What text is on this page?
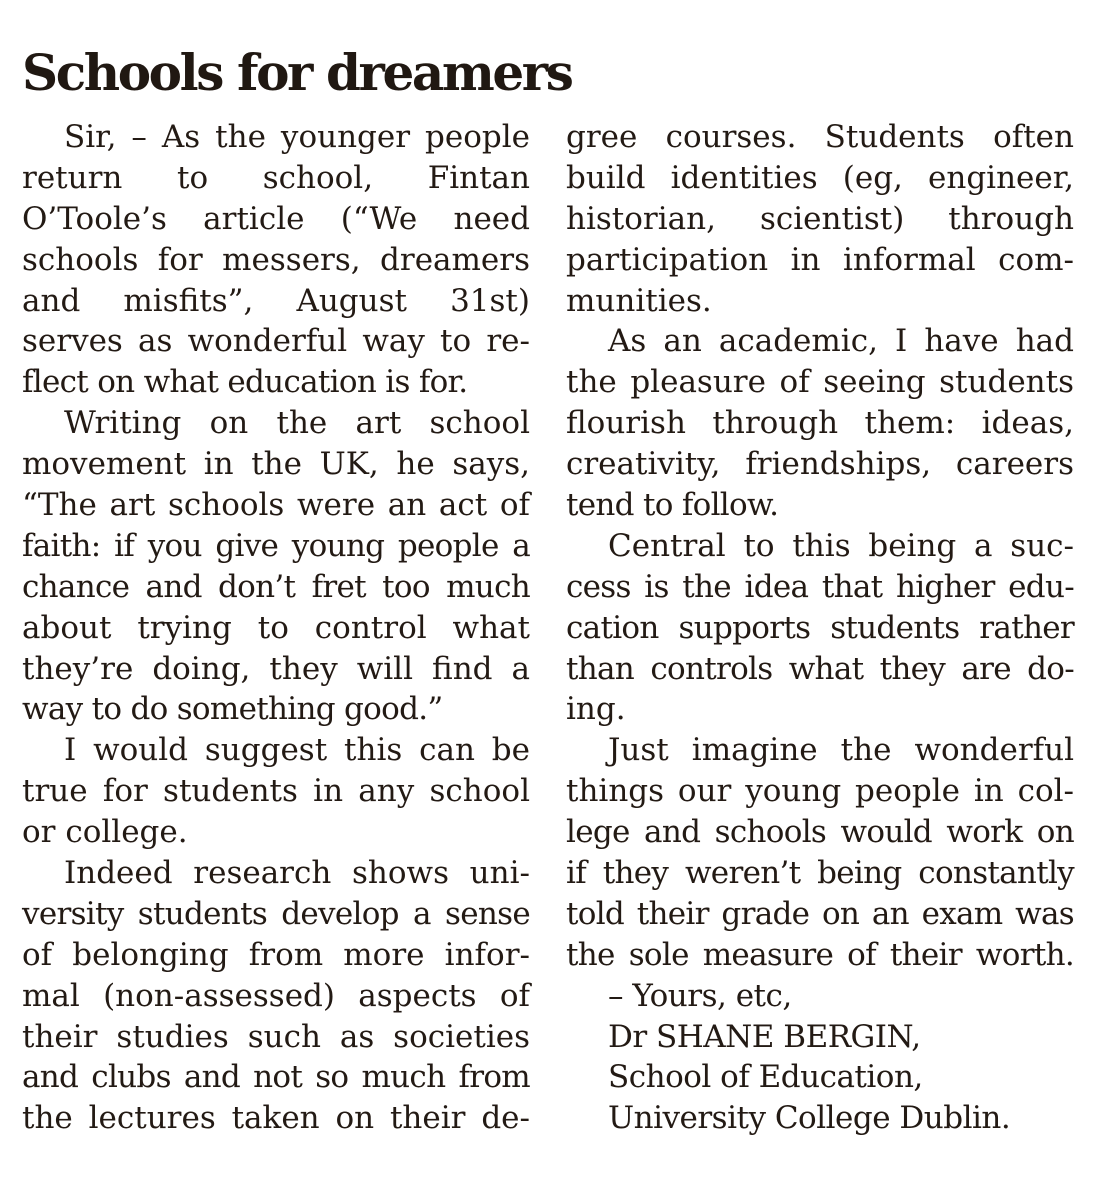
Schools for dreamers
Sir, – As the younger people
return to school, Fintan
O’Toole’s article (“We need
schools for messers, dreamers
and misfits”, August 31st)
serves as wonderful way to re-
flect on what education is for.
Writing on the art school
movement in the UK, he says,
“The art schools were an act of
faith: if you give young people a
chance and don’t fret too much
about trying to control what
they’re doing, they will find a
way to do something good.”
I would suggest this can be
true for students in any school
or college.
Indeed research shows uni-
versity students develop a sense
of belonging from more infor-
mal (non-assessed) aspects of
their studies such as societies
and clubs and not so much from
the lectures taken on their de-
gree courses. Students often
build identities (eg, engineer,
historian, scientist) through
participation in informal com-
munities.
As an academic, I have had
the pleasure of seeing students
flourish through them: ideas,
creativity, friendships, careers
tend to follow.
Central to this being a suc-
cess is the idea that higher edu-
cation supports students rather
than controls what they are do-
ing.
Just imagine the wonderful
things our young people in col-
lege and schools would work on
if they weren’t being constantly
told their grade on an exam was
the sole measure of their worth.
– Yours, etc,
Dr SHANE BERGIN,
School of Education,
University College Dublin.
